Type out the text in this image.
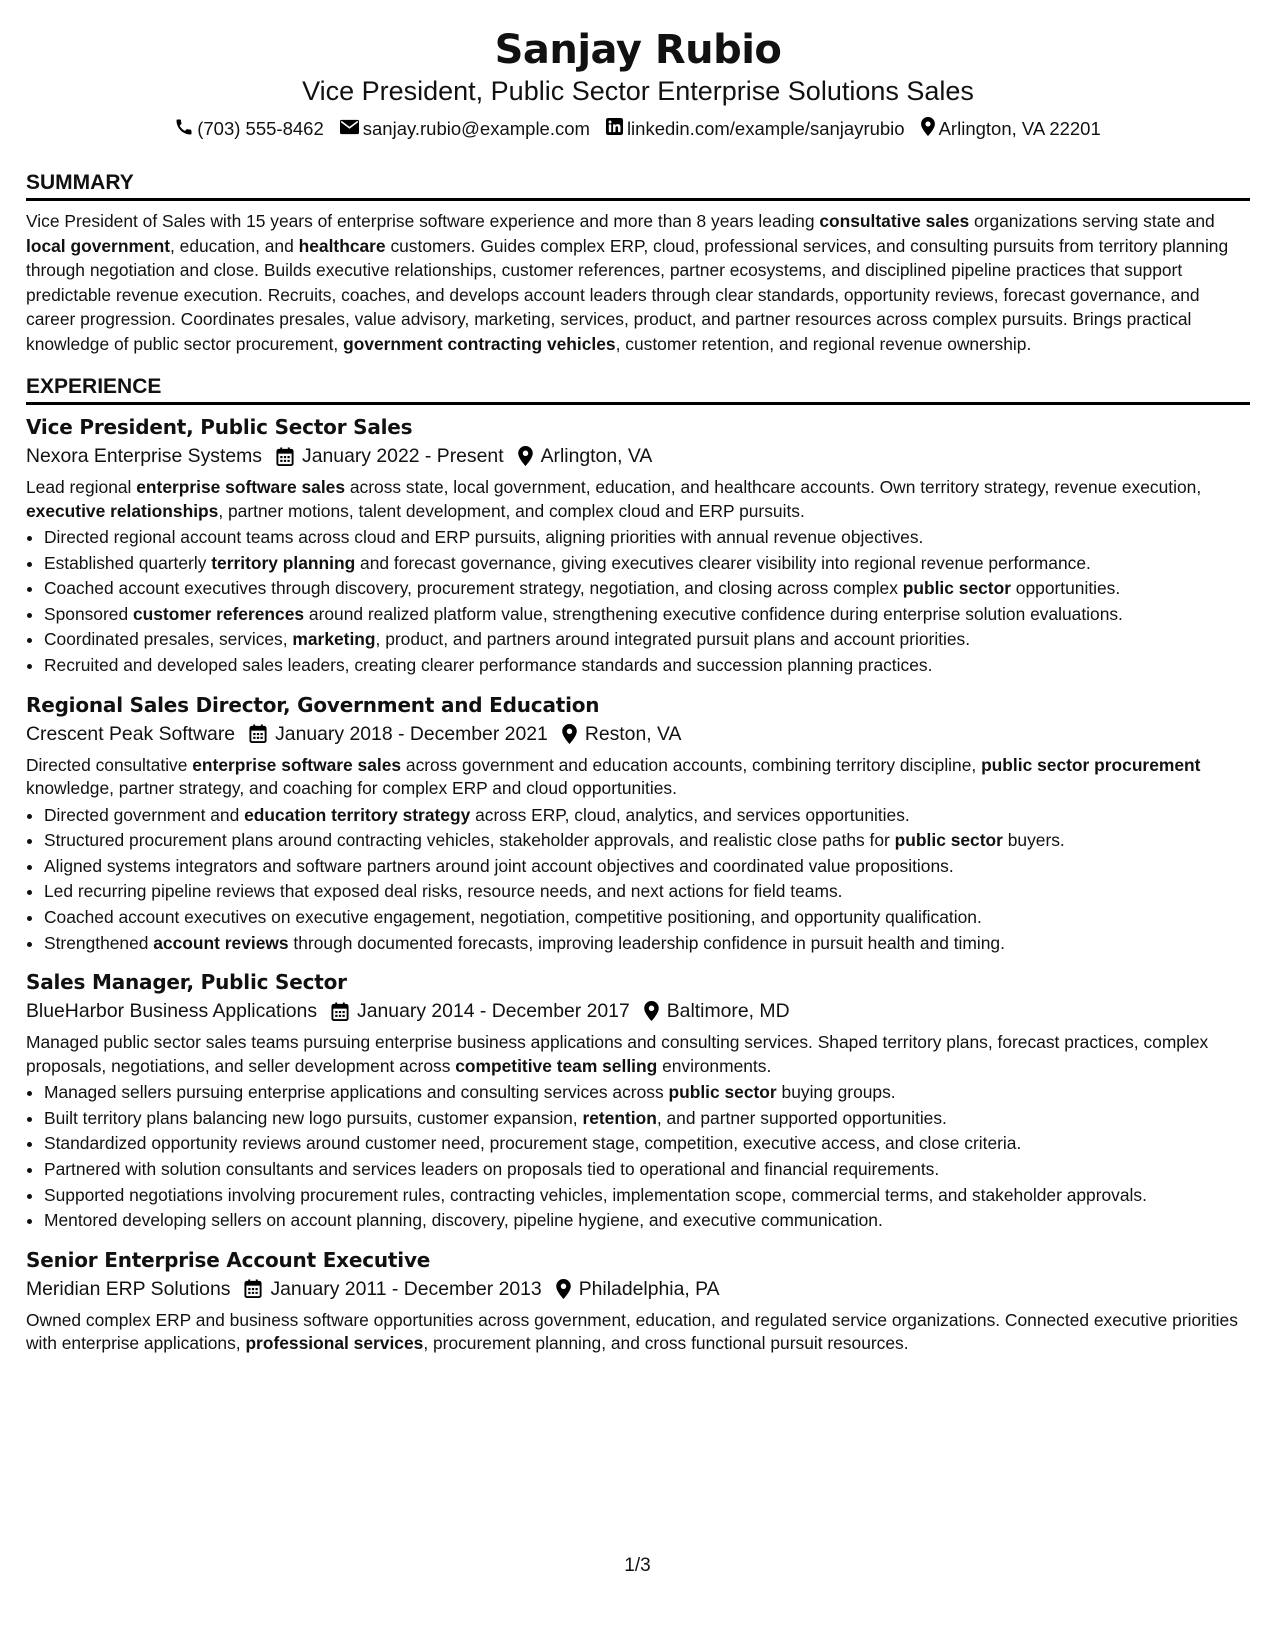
Sanjay Rubio
Vice President, Public Sector Enterprise Solutions Sales
(703) 555-8462 sanjay.rubio@example.com linkedin.com/example/sanjayrubio Arlington, VA 22201
SUMMARY
Vice President of Sales with 15 years of enterprise software experience and more than 8 years leading consultative sales organizations serving state and local government, education, and healthcare customers. Guides complex ERP, cloud, professional services, and consulting pursuits from territory planning through negotiation and close. Builds executive relationships, customer references, partner ecosystems, and disciplined pipeline practices that support predictable revenue execution. Recruits, coaches, and develops account leaders through clear standards, opportunity reviews, forecast governance, and career progression. Coordinates presales, value advisory, marketing, services, product, and partner resources across complex pursuits. Brings practical knowledge of public sector procurement, government contracting vehicles, customer retention, and regional revenue ownership.
EXPERIENCE
Vice President, Public Sector Sales
Nexora Enterprise Systems January 2022 - Present Arlington, VA
Lead regional enterprise software sales across state, local government, education, and healthcare accounts. Own territory strategy, revenue execution, executive relationships, partner motions, talent development, and complex cloud and ERP pursuits.
• Directed regional account teams across cloud and ERP pursuits, aligning priorities with annual revenue objectives.
• Established quarterly territory planning and forecast governance, giving executives clearer visibility into regional revenue performance.
• Coached account executives through discovery, procurement strategy, negotiation, and closing across complex public sector opportunities.
• Sponsored customer references around realized platform value, strengthening executive confidence during enterprise solution evaluations.
• Coordinated presales, services, marketing, product, and partners around integrated pursuit plans and account priorities.
• Recruited and developed sales leaders, creating clearer performance standards and succession planning practices.
Regional Sales Director, Government and Education
Crescent Peak Software January 2018 - December 2021 Reston, VA
Directed consultative enterprise software sales across government and education accounts, combining territory discipline, public sector procurement knowledge, partner strategy, and coaching for complex ERP and cloud opportunities.
• Directed government and education territory strategy across ERP, cloud, analytics, and services opportunities.
• Structured procurement plans around contracting vehicles, stakeholder approvals, and realistic close paths for public sector buyers.
• Aligned systems integrators and software partners around joint account objectives and coordinated value propositions.
• Led recurring pipeline reviews that exposed deal risks, resource needs, and next actions for field teams.
• Coached account executives on executive engagement, negotiation, competitive positioning, and opportunity qualification.
• Strengthened account reviews through documented forecasts, improving leadership confidence in pursuit health and timing.
Sales Manager, Public Sector
BlueHarbor Business Applications January 2014 - December 2017 Baltimore, MD
Managed public sector sales teams pursuing enterprise business applications and consulting services. Shaped territory plans, forecast practices, complex proposals, negotiations, and seller development across competitive team selling environments.
• Managed sellers pursuing enterprise applications and consulting services across public sector buying groups.
• Built territory plans balancing new logo pursuits, customer expansion, retention, and partner supported opportunities.
• Standardized opportunity reviews around customer need, procurement stage, competition, executive access, and close criteria.
• Partnered with solution consultants and services leaders on proposals tied to operational and financial requirements.
• Supported negotiations involving procurement rules, contracting vehicles, implementation scope, commercial terms, and stakeholder approvals.
• Mentored developing sellers on account planning, discovery, pipeline hygiene, and executive communication.
Senior Enterprise Account Executive
Meridian ERP Solutions January 2011 - December 2013 Philadelphia, PA
Owned complex ERP and business software opportunities across government, education, and regulated service organizations. Connected executive priorities with enterprise applications, professional services, procurement planning, and cross functional pursuit resources.
1/3
